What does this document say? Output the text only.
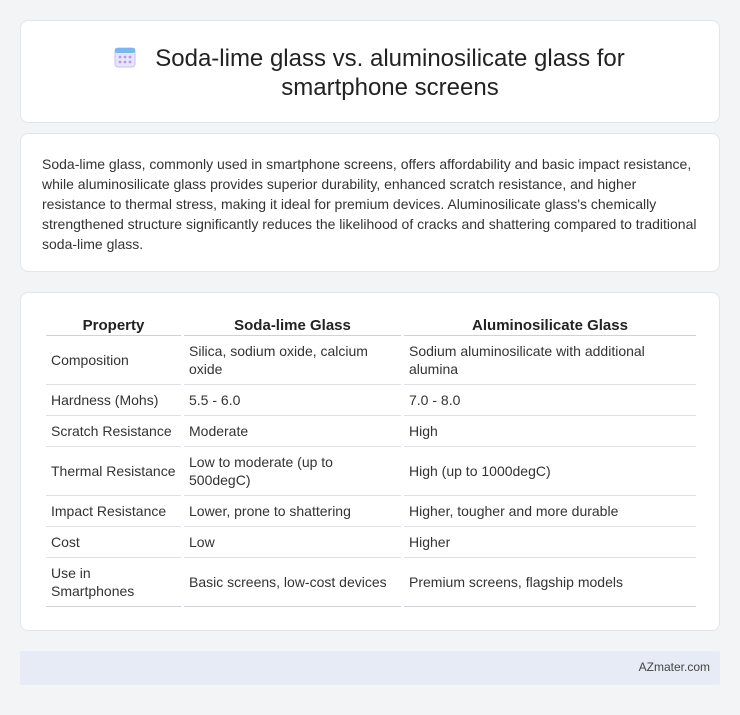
Soda-lime glass vs. aluminosilicate glass for smartphone screens

Soda-lime glass, commonly used in smartphone screens, offers affordability and basic impact resistance, while aluminosilicate glass provides superior durability, enhanced scratch resistance, and higher resistance to thermal stress, making it ideal for premium devices. Aluminosilicate glass's chemically strengthened structure significantly reduces the likelihood of cracks and shattering compared to traditional soda-lime glass.

Property	Soda-lime Glass	Aluminosilicate Glass
Composition	Silica, sodium oxide, calcium oxide	Sodium aluminosilicate with additional alumina
Hardness (Mohs)	5.5 - 6.0	7.0 - 8.0
Scratch Resistance	Moderate	High
Thermal Resistance	Low to moderate (up to 500degC)	High (up to 1000degC)
Impact Resistance	Lower, prone to shattering	Higher, tougher and more durable
Cost	Low	Higher
Use in Smartphones	Basic screens, low-cost devices	Premium screens, flagship models
AZmater.com
